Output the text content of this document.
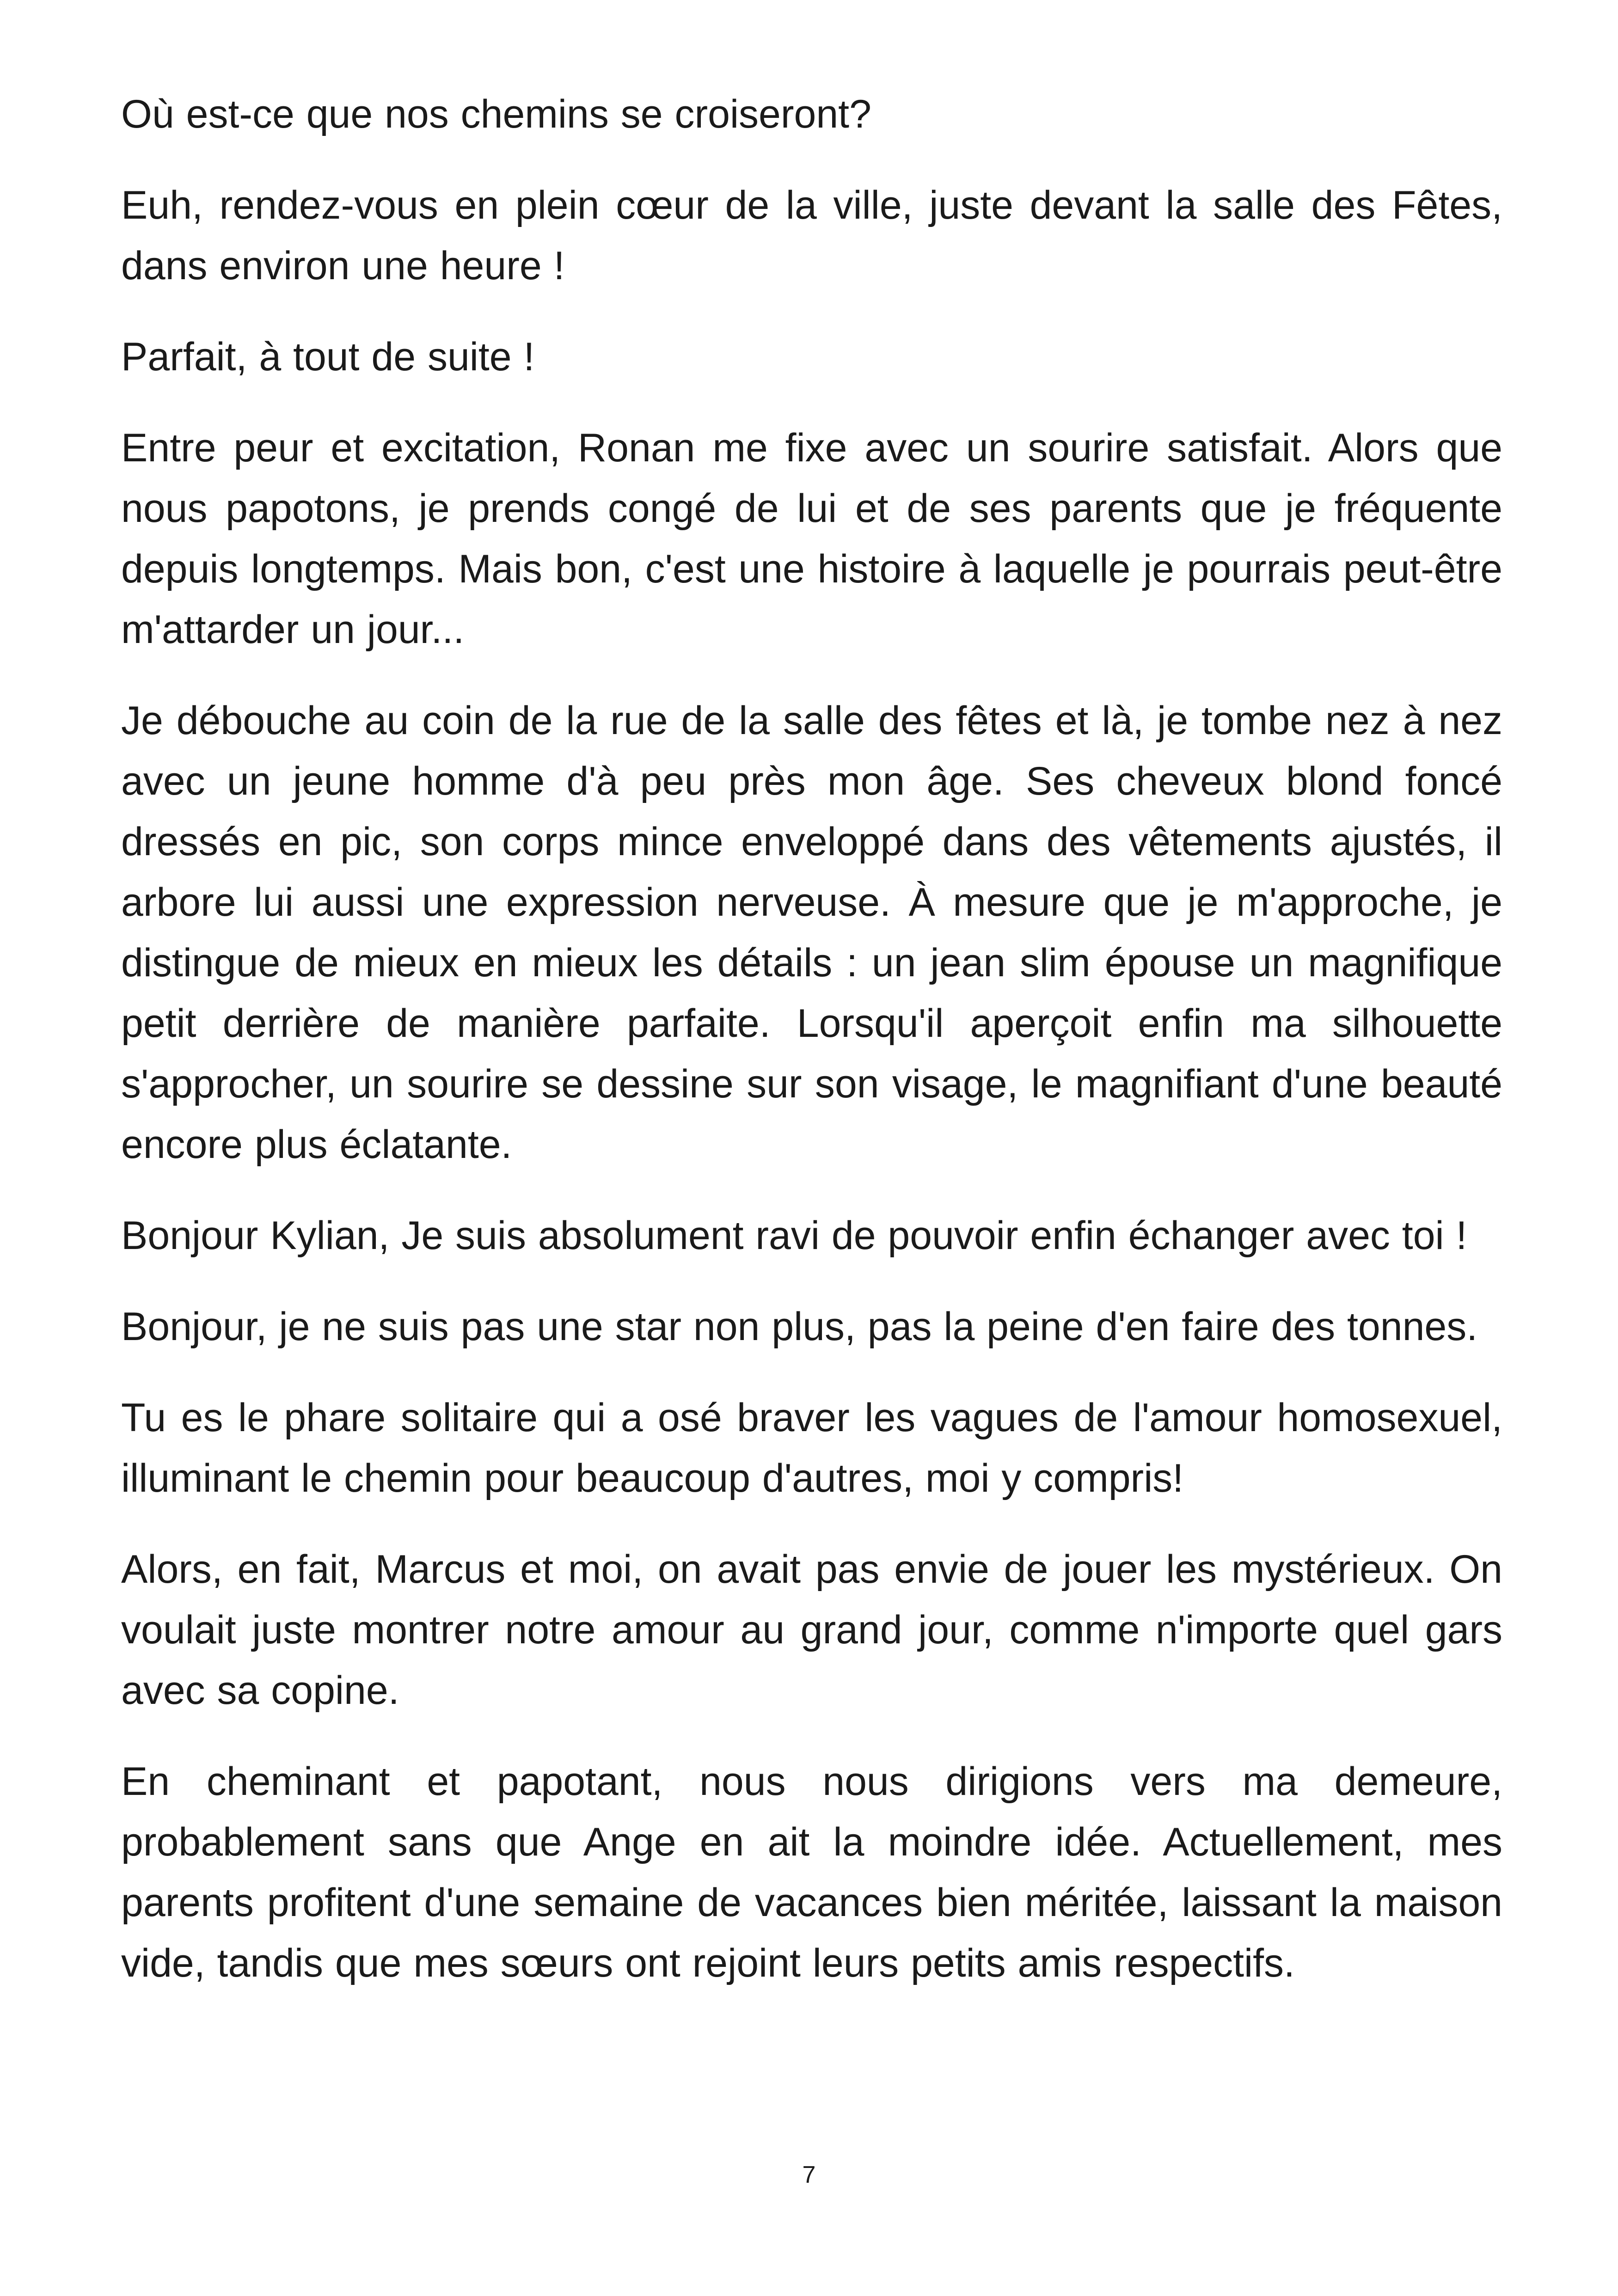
Où est-ce que nos chemins se croiseront?

Euh, rendez-vous en plein cœur de la ville, juste devant la salle des Fêtes, dans environ une heure !

Parfait, à tout de suite !

Entre peur et excitation, Ronan me fixe avec un sourire satisfait. Alors que nous papotons, je prends congé de lui et de ses parents que je fréquente depuis longtemps. Mais bon, c'est une histoire à laquelle je pourrais peut-être m'attarder un jour...

Je débouche au coin de la rue de la salle des fêtes et là, je tombe nez à nez avec un jeune homme d'à peu près mon âge. Ses cheveux blond foncé dressés en pic, son corps mince enveloppé dans des vêtements ajustés, il arbore lui aussi une expression nerveuse. À mesure que je m'approche, je distingue de mieux en mieux les détails : un jean slim épouse un magnifique petit derrière de manière parfaite. Lorsqu'il aperçoit enfin ma silhouette s'approcher, un sourire se dessine sur son visage, le magnifiant d'une beauté encore plus éclatante.

Bonjour Kylian, Je suis absolument ravi de pouvoir enfin échanger avec toi !

Bonjour, je ne suis pas une star non plus, pas la peine d'en faire des tonnes.

Tu es le phare solitaire qui a osé braver les vagues de l'amour homosexuel, illuminant le chemin pour beaucoup d'autres, moi y compris!

Alors, en fait, Marcus et moi, on avait pas envie de jouer les mystérieux. On voulait juste montrer notre amour au grand jour, comme n'importe quel gars avec sa copine.

En cheminant et papotant, nous nous dirigions vers ma demeure, probablement sans que Ange en ait la moindre idée. Actuellement, mes parents profitent d'une semaine de vacances bien méritée, laissant la maison vide, tandis que mes sœurs ont rejoint leurs petits amis respectifs.

7
